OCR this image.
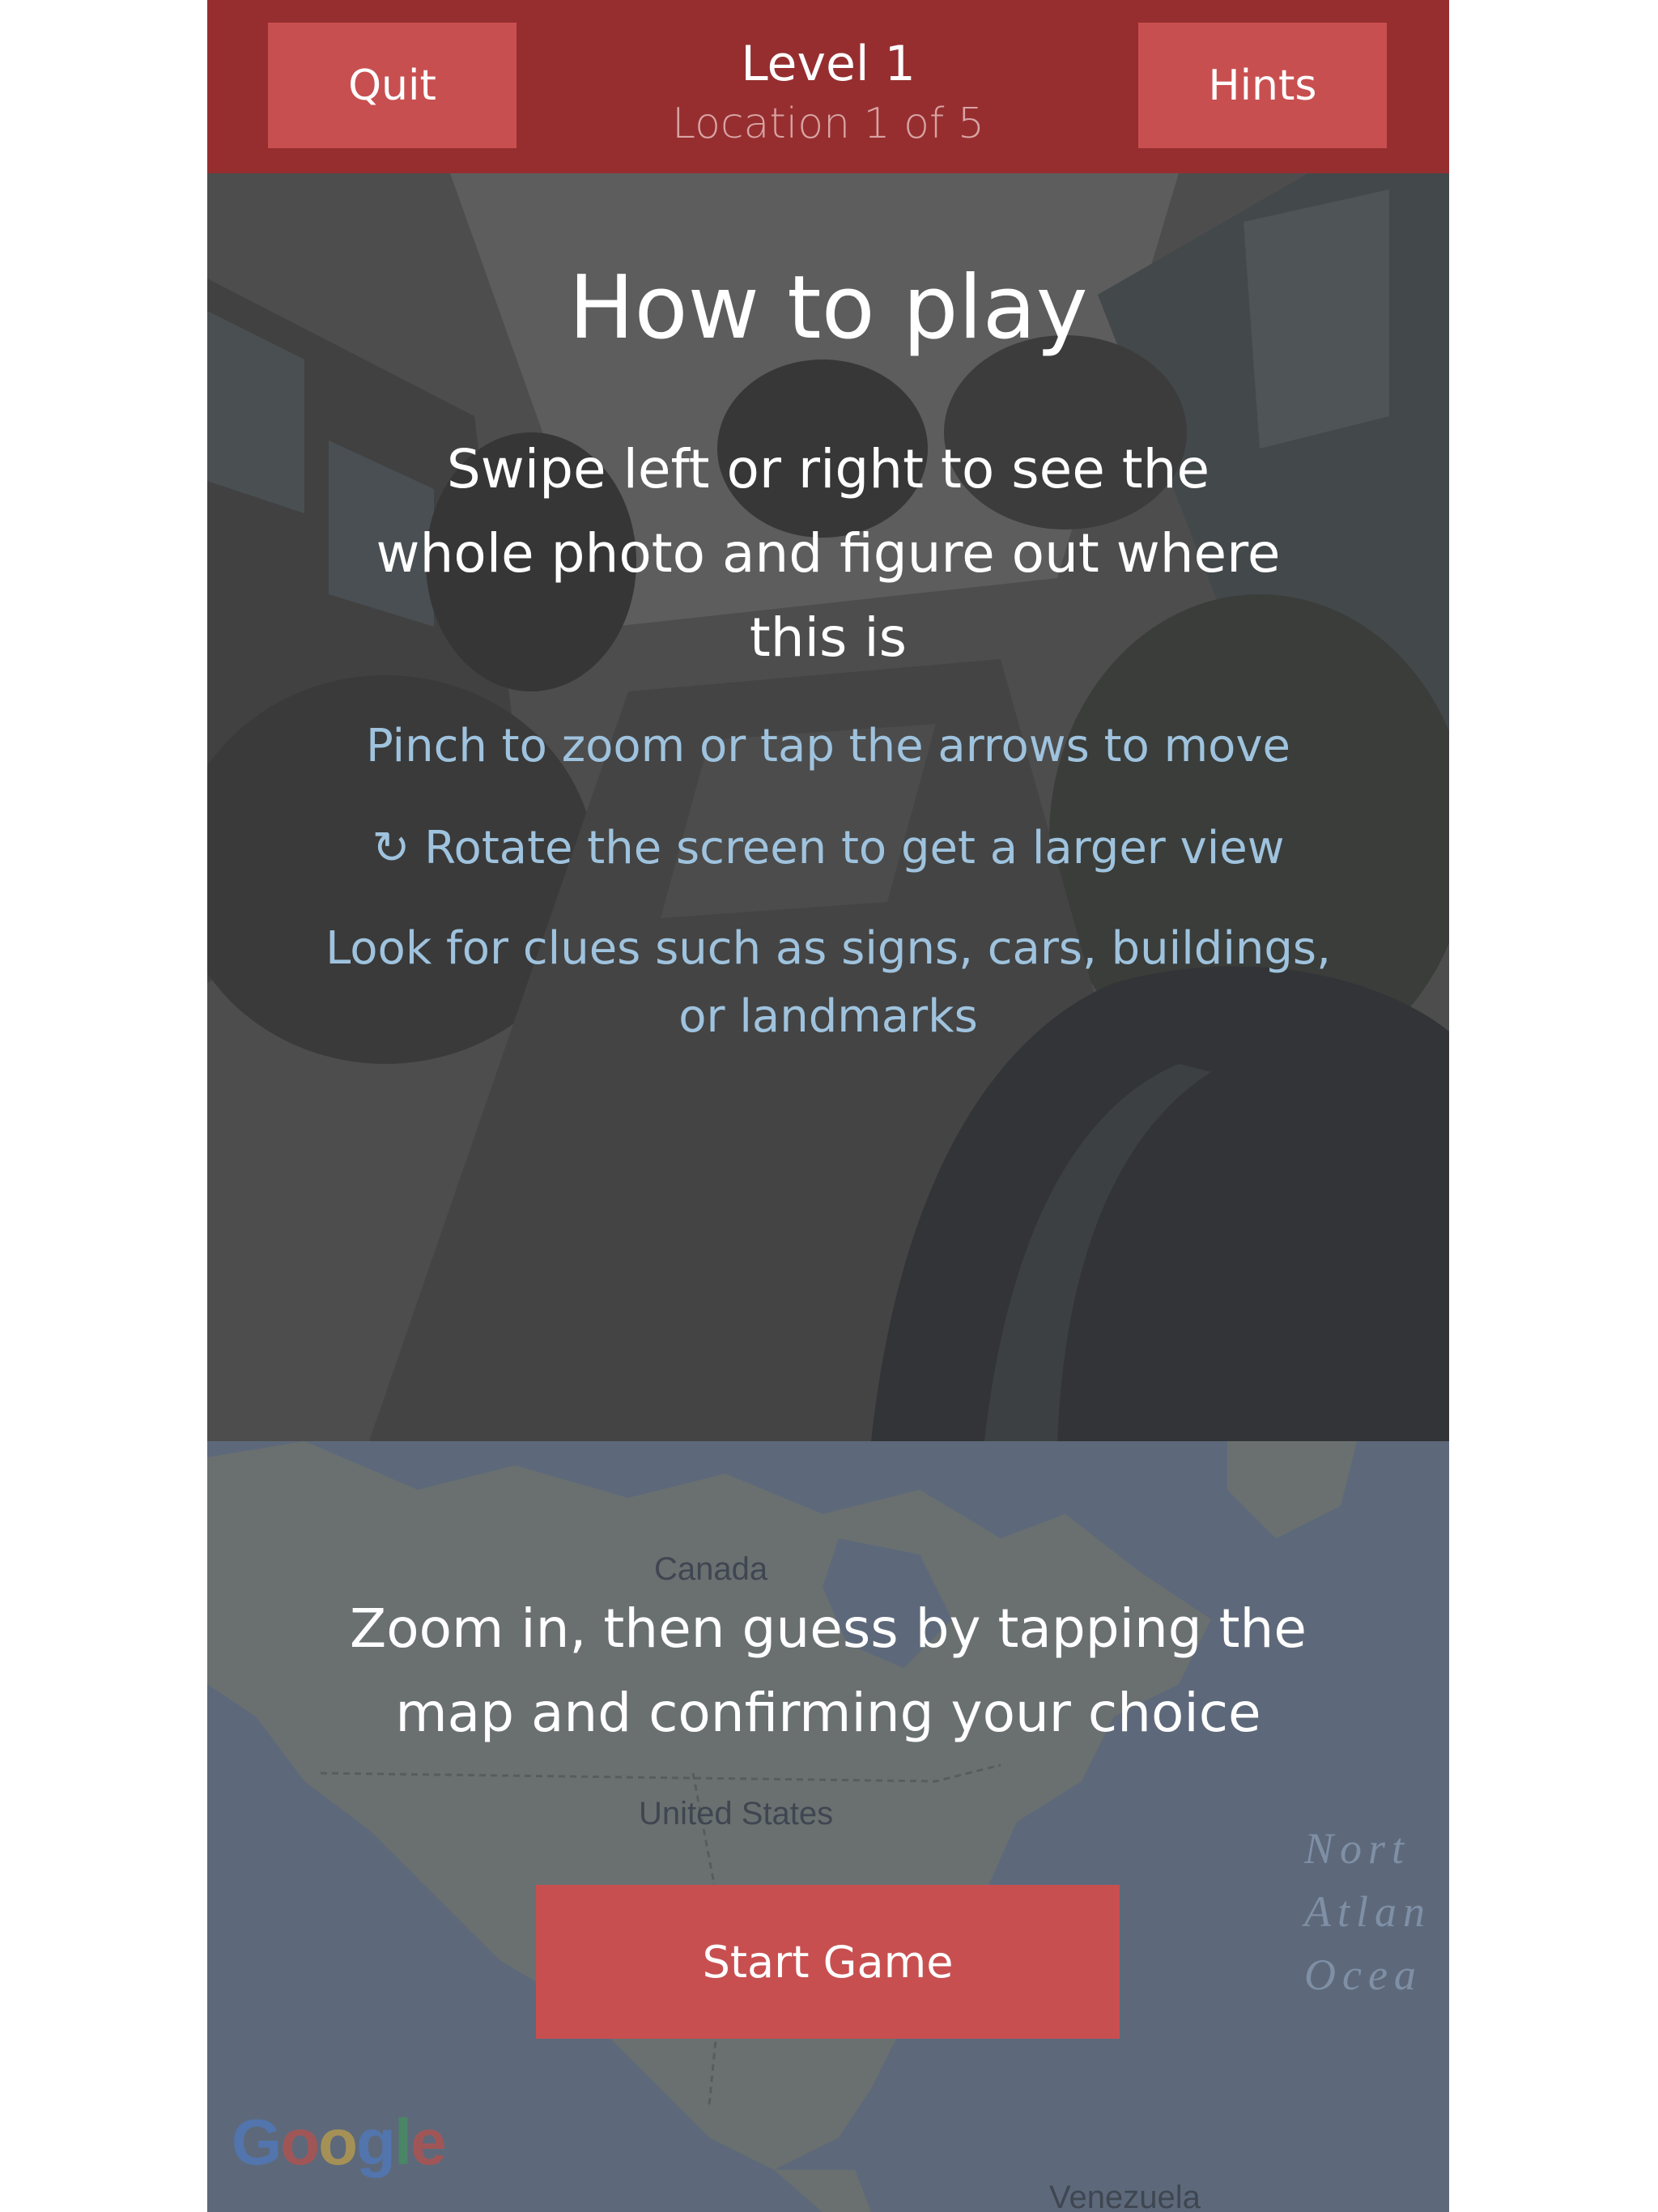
Quit	Level 1
Location 1 of 5
Hints
How to play
Swipe left or right to see the whole photo and figure out where this is
Pinch to zoom or tap the arrows to move
↻ Rotate the screen to get a larger view
Look for clues such as signs, cars, buildings, or landmarks
Canada
United States
Venezuela
Nort
Atlan
Ocea
Zoom in, then guess by tapping the map and confirming your choice
Start Game
Google
